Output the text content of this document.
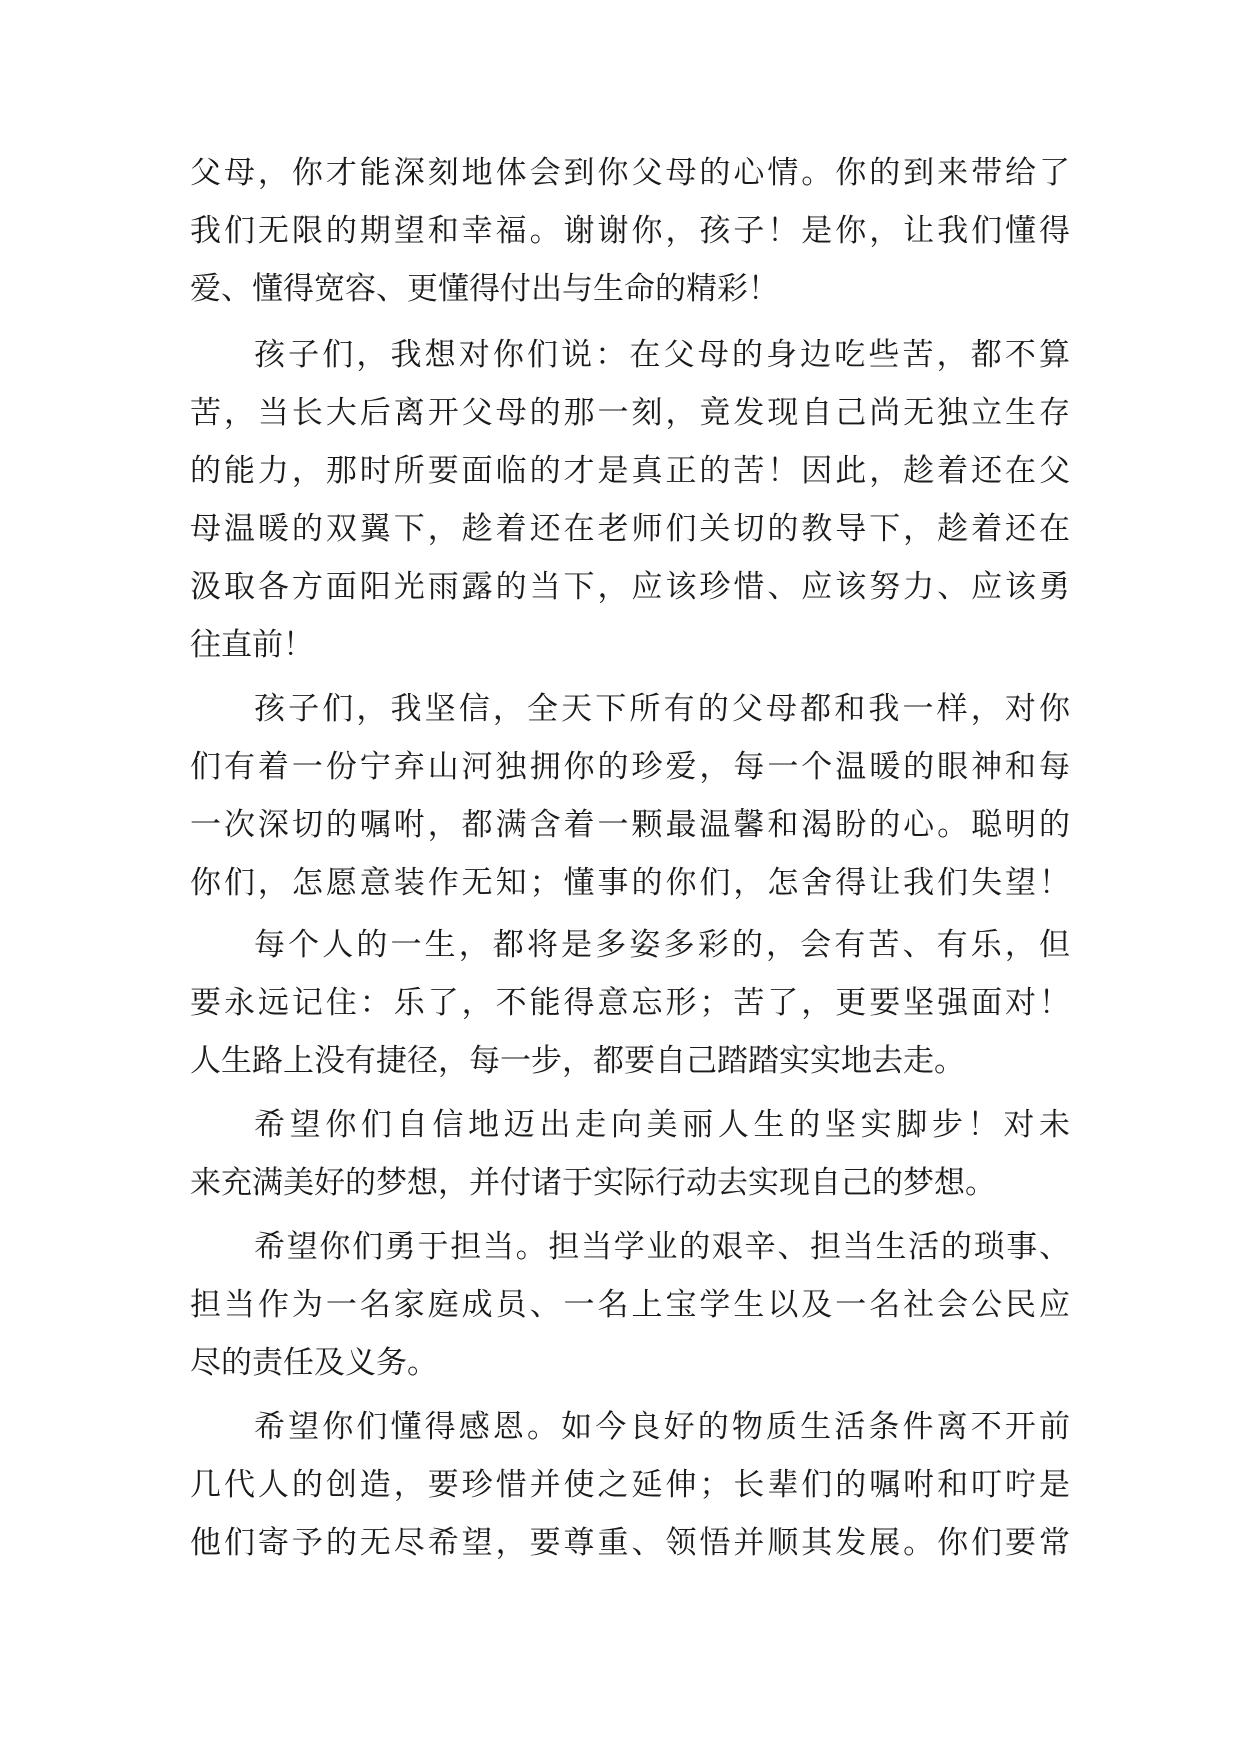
父母，你才能深刻地体会到你父母的心情。你的到来带给了
我们无限的期望和幸福。谢谢你，孩子！是你，让我们懂得
爱、懂得宽容、更懂得付出与生命的精彩！
孩子们，我想对你们说：在父母的身边吃些苦，都不算
苦，当长大后离开父母的那一刻，竟发现自己尚无独立生存
的能力，那时所要面临的才是真正的苦！因此，趁着还在父
母温暖的双翼下，趁着还在老师们关切的教导下，趁着还在
汲取各方面阳光雨露的当下，应该珍惜、应该努力、应该勇
往直前！
孩子们，我坚信，全天下所有的父母都和我一样，对你
们有着一份宁弃山河独拥你的珍爱，每一个温暖的眼神和每
一次深切的嘱咐，都满含着一颗最温馨和渴盼的心。聪明的
你们，怎愿意装作无知；懂事的你们，怎舍得让我们失望！
每个人的一生，都将是多姿多彩的，会有苦、有乐，但
要永远记住：乐了，不能得意忘形；苦了，更要坚强面对！
人生路上没有捷径，每一步，都要自己踏踏实实地去走。
希望你们自信地迈出走向美丽人生的坚实脚步！对未
来充满美好的梦想，并付诸于实际行动去实现自己的梦想。
希望你们勇于担当。担当学业的艰辛、担当生活的琐事、
担当作为一名家庭成员、一名上宝学生以及一名社会公民应
尽的责任及义务。
希望你们懂得感恩。如今良好的物质生活条件离不开前
几代人的创造，要珍惜并使之延伸；长辈们的嘱咐和叮咛是
他们寄予的无尽希望，要尊重、领悟并顺其发展。你们要常
